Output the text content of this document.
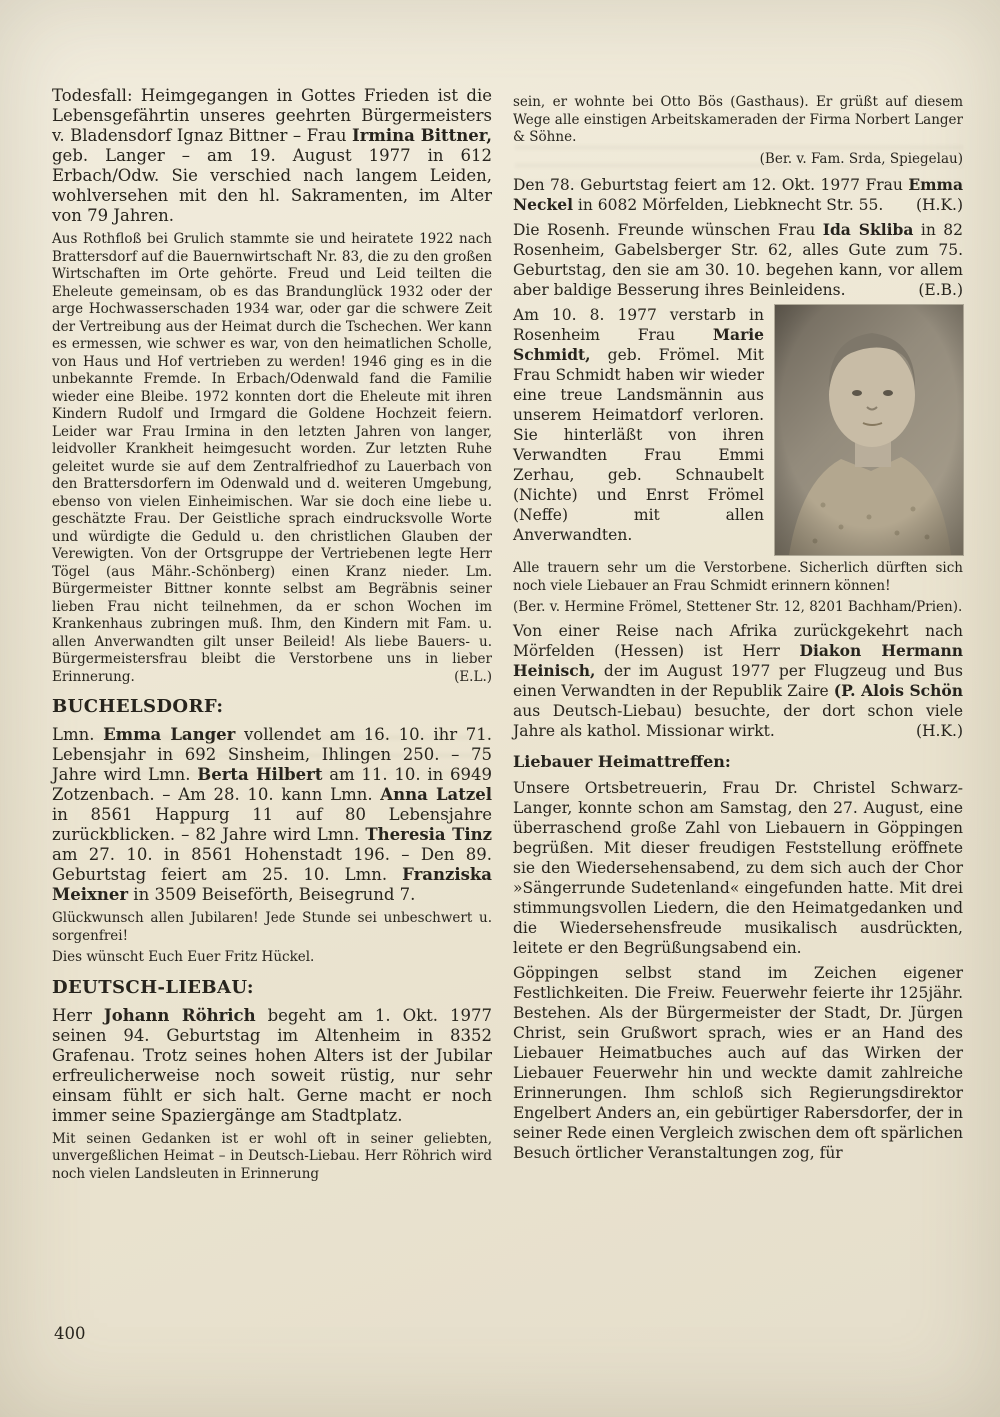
Todesfall: Heimgegangen in Gottes Frieden ist die Lebensgefährtin unseres geehrten Bürgermeisters v. Bladensdorf Ignaz Bittner – Frau Irmina Bittner, geb. Langer – am 19. August 1977 in 612 Erbach/Odw. Sie verschied nach langem Leiden, wohlversehen mit den hl. Sakramenten, im Alter von 79 Jahren.

Aus Rothfloß bei Grulich stammte sie und heiratete 1922 nach Brattersdorf auf die Bauernwirtschaft Nr. 83, die zu den großen Wirtschaften im Orte gehörte. Freud und Leid teilten die Eheleute gemeinsam, ob es das Brandunglück 1932 oder der arge Hochwasserschaden 1934 war, oder gar die schwere Zeit der Vertreibung aus der Heimat durch die Tschechen. Wer kann es ermessen, wie schwer es war, von den heimatlichen Scholle, von Haus und Hof vertrieben zu werden! 1946 ging es in die unbekannte Fremde. In Erbach/Odenwald fand die Familie wieder eine Bleibe. 1972 konnten dort die Eheleute mit ihren Kindern Rudolf und Irmgard die Goldene Hochzeit feiern. Leider war Frau Irmina in den letzten Jahren von langer, leidvoller Krankheit heimgesucht worden. Zur letzten Ruhe geleitet wurde sie auf dem Zentralfriedhof zu Lauerbach von den Brattersdorfern im Odenwald und d. weiteren Umgebung, ebenso von vielen Einheimischen. War sie doch eine liebe u. geschätzte Frau. Der Geistliche sprach eindrucksvolle Worte und würdigte die Geduld u. den christlichen Glauben der Verewigten. Von der Ortsgruppe der Vertriebenen legte Herr Tögel (aus Mähr.-Schönberg) einen Kranz nieder. Lm. Bürgermeister Bittner konnte selbst am Begräbnis seiner lieben Frau nicht teilnehmen, da er schon Wochen im Krankenhaus zubringen muß. Ihm, den Kindern mit Fam. u. allen Anverwandten gilt unser Beileid! Als liebe Bauers- u. Bürgermeistersfrau bleibt die Verstorbene uns in lieber Erinnerung.	(E.L.)

BUCHELSDORF:

Lmn. Emma Langer vollendet am 16. 10. ihr 71. Lebensjahr in 692 Sinsheim, Ihlingen 250. – 75 Jahre wird Lmn. Berta Hilbert am 11. 10. in 6949 Zotzenbach. – Am 28. 10. kann Lmn. Anna Latzel in 8561 Happurg 11 auf 80 Lebensjahre zurückblicken. – 82 Jahre wird Lmn. Theresia Tinz am 27. 10. in 8561 Hohenstadt 196. – Den 89. Geburtstag feiert am 25. 10. Lmn. Franziska Meixner in 3509 Beiseförth, Beisegrund 7.

Glückwunsch allen Jubilaren! Jede Stunde sei unbeschwert u. sorgenfrei!

Dies wünscht Euch Euer Fritz Hückel.

DEUTSCH-LIEBAU:

Herr Johann Röhrich begeht am 1. Okt. 1977 seinen 94. Geburtstag im Altenheim in 8352 Grafenau. Trotz seines hohen Alters ist der Jubilar erfreulicherweise noch soweit rüstig, nur sehr einsam fühlt er sich halt. Gerne macht er noch immer seine Spaziergänge am Stadtplatz.

Mit seinen Gedanken ist er wohl oft in seiner geliebten, unvergeßlichen Heimat – in Deutsch-Liebau. Herr Röhrich wird noch vielen Landsleuten in Erinnerung

sein, er wohnte bei Otto Bös (Gasthaus). Er grüßt auf diesem Wege alle einstigen Arbeitskameraden der Firma Norbert Langer & Söhne.

(Ber. v. Fam. Srda, Spiegelau)

Den 78. Geburtstag feiert am 12. Okt. 1977 Frau Emma Neckel in 6082 Mörfelden, Liebknecht Str. 55. (H.K.)

Die Rosenh. Freunde wünschen Frau Ida Skliba in 82 Rosenheim, Gabelsberger Str. 62, alles Gute zum 75. Geburtstag, den sie am 30. 10. begehen kann, vor allem aber baldige Besserung ihres Beinleidens.	(E.B.)

Am 10. 8. 1977 verstarb in Rosenheim Frau Marie Schmidt, geb. Frömel. Mit Frau Schmidt haben wir wieder eine treue Landsmännin aus unserem Heimatdorf verloren. Sie hinterläßt von ihren Verwandten Frau Emmi Zerhau, geb. Schnaubelt (Nichte) und Enrst Frömel (Neffe) mit allen Anverwandten.

Alle trauern sehr um die Verstorbene. Sicherlich dürften sich noch viele Liebauer an Frau Schmidt erinnern können!

(Ber. v. Hermine Frömel, Stettener Str. 12, 8201 Bachham/Prien).

Von einer Reise nach Afrika zurückgekehrt nach Mörfelden (Hessen) ist Herr Diakon Hermann Heinisch, der im August 1977 per Flugzeug und Bus einen Verwandten in der Republik Zaire (P. Alois Schön aus Deutsch-Liebau) besuchte, der dort schon viele Jahre als kathol. Missionar wirkt.	(H.K.)

Liebauer Heimattreffen:

Unsere Ortsbetreuerin, Frau Dr. Christel Schwarz-Langer, konnte schon am Samstag, den 27. August, eine überraschend große Zahl von Liebauern in Göppingen begrüßen. Mit dieser freudigen Feststellung eröffnete sie den Wiedersehensabend, zu dem sich auch der Chor »Sängerrunde Sudetenland« eingefunden hatte. Mit drei stimmungsvollen Liedern, die den Heimatgedanken und die Wiedersehensfreude musikalisch ausdrückten, leitete er den Begrüßungsabend ein.

Göppingen selbst stand im Zeichen eigener Festlichkeiten. Die Freiw. Feuerwehr feierte ihr 125jähr. Bestehen. Als der Bürgermeister der Stadt, Dr. Jürgen Christ, sein Grußwort sprach, wies er an Hand des Liebauer Heimatbuches auch auf das Wirken der Liebauer Feuerwehr hin und weckte damit zahlreiche Erinnerungen. Ihm schloß sich Regierungsdirektor Engelbert Anders an, ein gebürtiger Rabersdorfer, der in seiner Rede einen Vergleich zwischen dem oft spärlichen Besuch örtlicher Veranstaltungen zog, für

400
